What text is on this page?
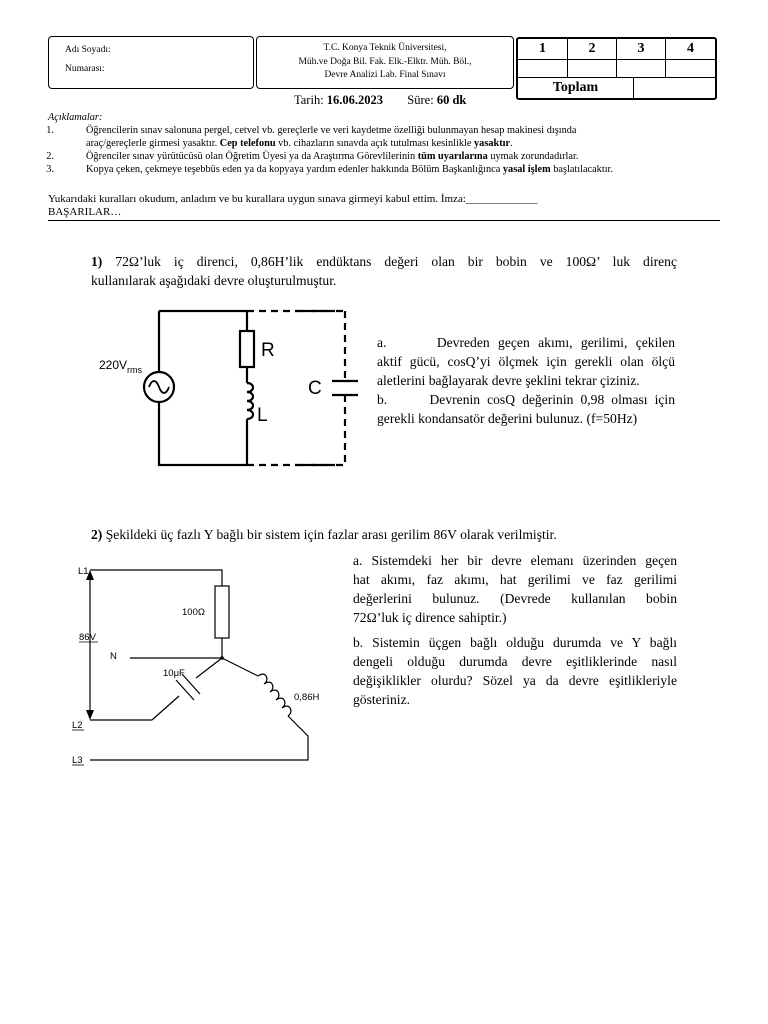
Adı Soyadı:
Numarası:
T.C. Konya Teknik Üniversitesi,
Müh.ve Doğa Bil. Fak. Elk.-Elktr. Müh. Böl.,
Devre Analizi Lab. Final Sınavı
1	2	3	4
Toplam
Tarih: 16.06.2023 Süre: 60 dk
Açıklamalar:
1.	Öğrencilerin sınav salonuna pergel, cetvel vb. gereçlerle ve veri kaydetme özelliği bulunmayan hesap makinesi dışında
araç/gereçlerle girmesi yasaktır. Cep telefonu vb. cihazların sınavda açık tutulması kesinlikle yasaktır.
2.	Öğrenciler sınav yürütücüsü olan Öğretim Üyesi ya da Araştırma Görevlilerinin tüm uyarılarına uymak zorundadırlar.
3.	Kopya çeken, çekmeye teşebbüs eden ya da kopyaya yardım edenler hakkında Bölüm Başkanlığınca yasal işlem başlatılacaktır.
Yukarıdaki kuralları okudum, anladım ve bu kurallara uygun sınava girmeyi kabul ettim. İmza:_____________
BAŞARILAR…
1) 72Ω’luk iç direnci, 0,86H’lik endüktans değeri olan bir bobin ve 100Ω’ luk direnç
kullanılarak aşağıdaki devre oluşturulmuştur.
$220V_{rms}$
R
L
C
a.      Devreden geçen akımı, gerilimi, çekilen
aktif gücü, cosQ’yi ölçmek için gerekli olan ölçü
aletlerini bağlayarak devre şeklini tekrar çiziniz.
b.      Devrenin cosQ değerinin 0,98 olması için
gerekli kondansatör değerini bulunuz. (f=50Hz)
2) Şekildeki üç fazlı Y bağlı bir sistem için fazlar arası gerilim 86V olarak verilmiştir.
L1
L2
L3
N
86V
100Ω
10μF
0,86H
a. Sistemdeki her bir devre elemanı üzerinden geçen
hat akımı, faz akımı, hat gerilimi ve faz gerilimi
değerlerini bulunuz. (Devrede kullanılan bobin
72Ω’luk iç dirence sahiptir.)
b. Sistemin üçgen bağlı olduğu durumda ve Y bağlı
dengeli olduğu durumda devre eşitliklerinde nasıl
değişiklikler olurdu? Sözel ya da devre eşitlikleriyle
gösteriniz.
